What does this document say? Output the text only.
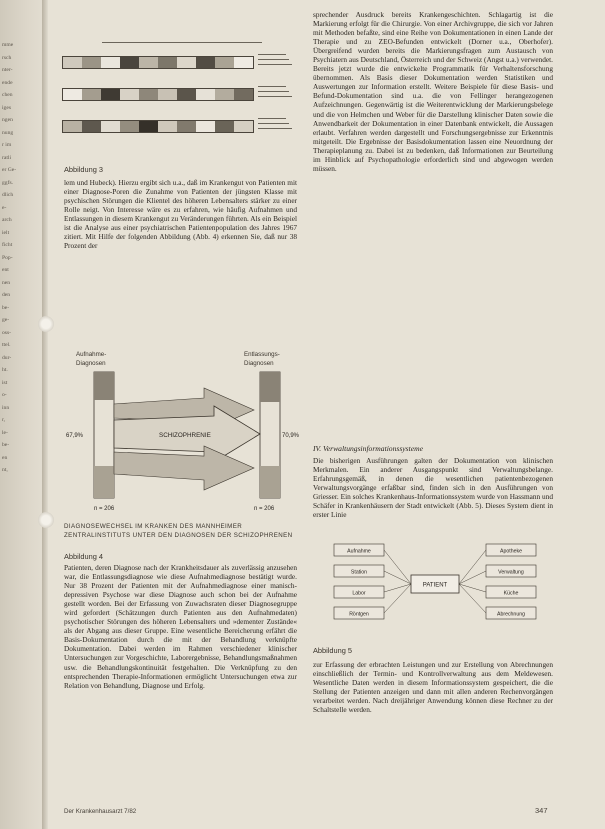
mme
rsch
nter-
ende
chen
iges
ngen
nung
r im
ratli
er Ge-
ggfs.
dlich
e-
arch
ielt
ficht
Pop-
ent
nen
den
be-
ge-
oss-
ttel.
dur-
ht.
ist
o-
inn
r,
le-
be-
en
nt,
Abbildung 3

lem und Hubeck). Hierzu ergibt sich u.a., daß im Krankengut von Patienten mit einer Diagnose-Poren die Zunahme von Patienten der jüngsten Klasse mit psychischen Störungen die Klientel des höheren Lebensalters stärker zu einer Rolle neigt. Von Interesse wäre es zu erfahren, wie häufig Aufnahmen und Entlassungen in diesem Krankengut zu Veränderungen führten. Als ein Beispiel ist die Analyse aus einer psychiatrischen Patientenpopulation des Jahres 1967 zitiert. Mit Hilfe der folgenden Abbildung (Abb. 4) erkennen Sie, daß nur 38 Prozent der

Aufnahme-
Diagnosen
Entlassungs-
Diagnosen
SCHIZOPHRENIE
67,9%	70,9%
n = 206	n = 206
DIAGNOSEWECHSEL IM KRANKEN DES MANNHEIMER ZENTRALINSTITUTS UNTER DEN DIAGNOSEN DER SCHIZOPHRENEN
Abbildung 4

Patienten, deren Diagnose nach der Krankheitsdauer als zuverlässig anzusehen war, die Entlassungsdiagnose wie diese Aufnahmediagnose bestätigt wurde. Nur 38 Prozent der Patienten mit der Aufnahmediagnose einer manisch-depressiven Psychose war diese Diagnose auch schon bei der Aufnahme gestellt worden. Bei der Erfassung von Zuwachsraten dieser Diagnosegruppe wird gefordert (Schätzungen durch Patienten aus den Aufnahmedaten) psychotischer Störungen des höheren Lebensalters und »dementer Zustände« als der Abgang aus dieser Gruppe. Eine wesentliche Bereicherung erfährt die Basis-Dokumentation durch die mit der Behandlung verknüpfte Dokumentation. Dabei werden im Rahmen verschiedener klinischer Untersuchungen zur Vorgeschichte, Laborergebnisse, Behandlungsmaßnahmen usw. die Behandlungskontinuität festgehalten. Die Verknüpfung zu den entsprechenden Therapie-Informationen ermöglicht Untersuchungen etwa zur Relation von Behandlung, Diagnose und Erfolg.

sprechender Ausdruck bereits Krankengeschichten. Schlagartig ist die Markierung erfolgt für die Chirurgie. Von einer Archivgruppe, die sich vor Jahren mit Methoden befaßte, sind eine Reihe von Dokumentationen in einen Lande der Therapie und zu ZEO-Befunden entwickelt (Dorner u.a., Oberhofer). Übergreifend wurden bereits die Markierungsfragen zum Austausch von Psychiatern aus Deutschland, Österreich und der Schweiz (Angst u.a.) verwendet. Bereits jetzt wurde die entwickelte Programmatik für Verhaltensforschung übernommen. Als Basis dieser Dokumentation werden Statistiken und Auswertungen zur Information erstellt. Weitere Beispiele für diese Basis- und Befund-Dokumentation sind u.a. die von Fellinger herangezogenen Aufzeichnungen. Gegenwärtig ist die Weiterentwicklung der Markierungsbelege und die von Helmchen und Weber für die Darstellung klinischer Daten sowie die Anwendbarkeit der Dokumentation in einer Datenbank entwickelt, die Aussagen erlaubt. Verfahren werden dargestellt und Forschungsergebnisse zur Erkenntnis mitgeteilt. Die Ergebnisse der Basisdokumentation lassen eine Neuordnung der Therapieplanung zu. Dabei ist zu bedenken, daß Informationen zur Beurteilung im Hinblick auf Psychopathologie erforderlich sind und abgewogen werden müssen.

IV. Verwaltungsinformationssysteme

Die bisherigen Ausführungen galten der Dokumentation von klinischen Merkmalen. Ein anderer Ausgangspunkt sind Verwaltungsbelange. Erfahrungsgemäß, in denen die wesentlichen patientenbezogenen Verwaltungsvorgänge erfaßbar sind, finden sich in den Ausführungen von Griesser. Ein solches Krankenhaus-Informationssystem wurde von Hassmann und Schäfer in Krankenhäusern der Stadt entwickelt (Abb. 5). Dieses System dient in erster Linie

PATIENT
Aufnahme
Station
Labor
Röntgen
Apotheke
Verwaltung
Küche
Abrechnung
Abbildung 5

zur Erfassung der erbrachten Leistungen und zur Erstellung von Abrechnungen einschließlich der Termin- und Kontrollverwaltung aus dem Meldewesen. Wesentliche Daten werden in diesem Informationssystem gespeichert, die die Stellung der Patienten anzeigen und dann mit allen anderen Rechenvorgängen verarbeitet werden. Nach dreijähriger Anwendung können diese Rechner zu der Schaltstelle werden.

Der Krankenhausarzt 7/82	347
